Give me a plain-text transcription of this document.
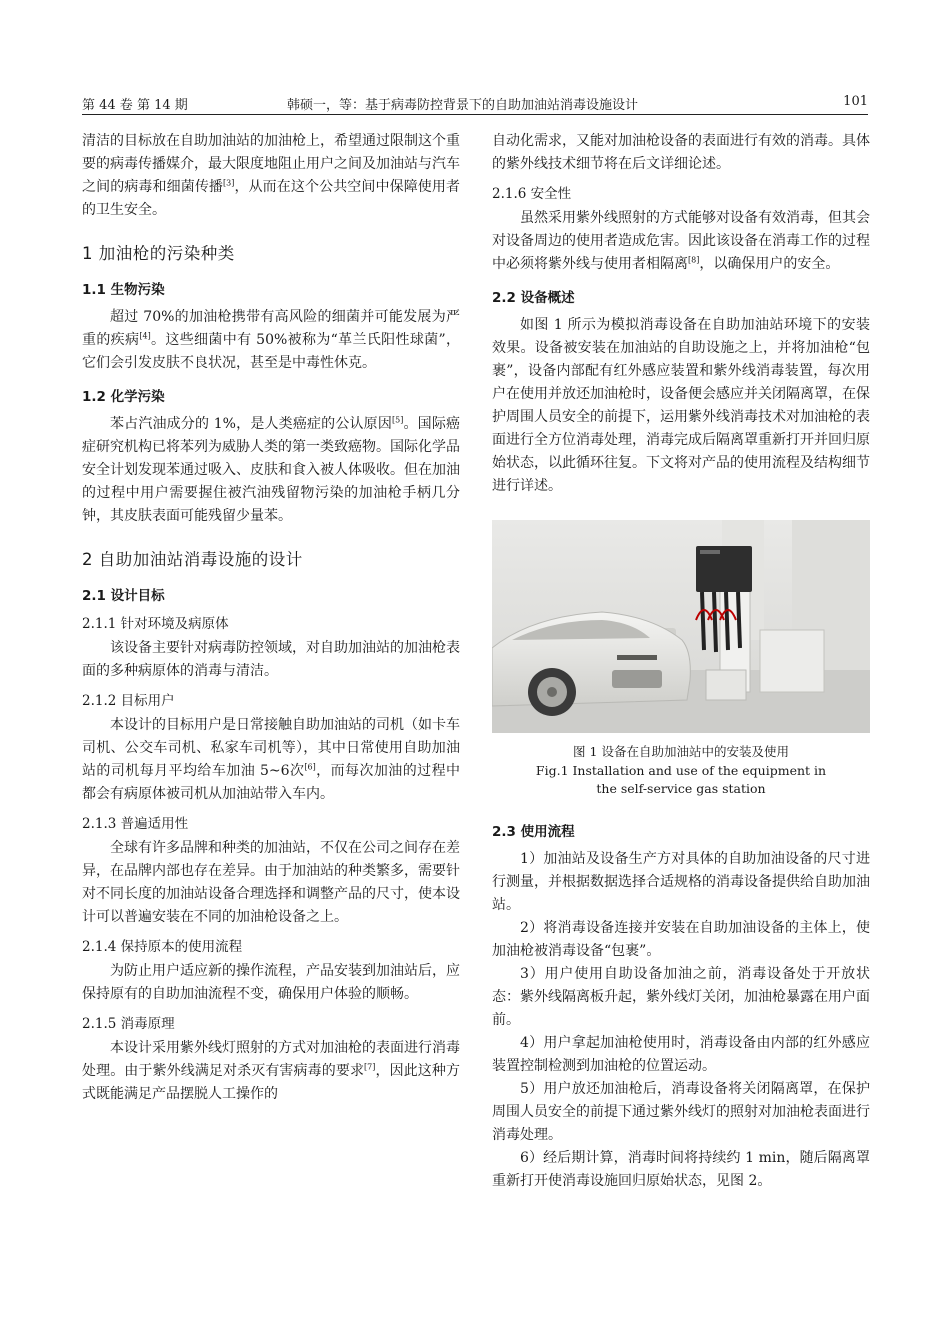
第 44 卷 第 14 期	韩硕一，等：基于病毒防控背景下的自助加油站消毒设施设计	101

清洁的目标放在自助加油站的加油枪上，希望通过限制这个重要的病毒传播媒介，最大限度地阻止用户之间及加油站与汽车之间的病毒和细菌传播[3]，从而在这个公共空间中保障使用者的卫生安全。

1 加油枪的污染种类
1.1 生物污染

超过 70%的加油枪携带有高风险的细菌并可能发展为严重的疾病[4]。这些细菌中有 50%被称为“革兰氏阳性球菌”，它们会引发皮肤不良状况，甚至是中毒性休克。

1.2 化学污染

苯占汽油成分的 1%，是人类癌症的公认原因[5]。国际癌症研究机构已将苯列为威胁人类的第一类致癌物。国际化学品安全计划发现苯通过吸入、皮肤和食入被人体吸收。但在加油的过程中用户需要握住被汽油残留物污染的加油枪手柄几分钟，其皮肤表面可能残留少量苯。

2 自助加油站消毒设施的设计
2.1 设计目标
2.1.1 针对环境及病原体

该设备主要针对病毒防控领域，对自助加油站的加油枪表面的多种病原体的消毒与清洁。

2.1.2 目标用户

本设计的目标用户是日常接触自助加油站的司机（如卡车司机、公交车司机、私家车司机等），其中日常使用自助加油站的司机每月平均给车加油 5~6次[6]，而每次加油的过程中都会有病原体被司机从加油站带入车内。

2.1.3 普遍适用性

全球有许多品牌和种类的加油站，不仅在公司之间存在差异，在品牌内部也存在差异。由于加油站的种类繁多，需要针对不同长度的加油站设备合理选择和调整产品的尺寸，使本设计可以普遍安装在不同的加油枪设备之上。

2.1.4 保持原本的使用流程

为防止用户适应新的操作流程，产品安装到加油站后，应保持原有的自助加油流程不变，确保用户体验的顺畅。

2.1.5 消毒原理

本设计采用紫外线灯照射的方式对加油枪的表面进行消毒处理。由于紫外线满足对杀灭有害病毒的要求[7]，因此这种方式既能满足产品摆脱人工操作的

自动化需求，又能对加油枪设备的表面进行有效的消毒。具体的紫外线技术细节将在后文详细论述。

2.1.6 安全性

虽然采用紫外线照射的方式能够对设备有效消毒，但其会对设备周边的使用者造成危害。因此该设备在消毒工作的过程中必须将紫外线与使用者相隔离[8]，以确保用户的安全。

2.2 设备概述

如图 1 所示为模拟消毒设备在自助加油站环境下的安装效果。设备被安装在加油站的自助设施之上，并将加油枪“包裹”，设备内部配有红外感应装置和紫外线消毒装置，每次用户在使用并放还加油枪时，设备便会感应并关闭隔离罩，在保护周围人员安全的前提下，运用紫外线消毒技术对加油枪的表面进行全方位消毒处理，消毒完成后隔离罩重新打开并回归原始状态，以此循环往复。下文将对产品的使用流程及结构细节进行详述。

图 1 设备在自助加油站中的安装及使用
Fig.1 Installation and use of the equipment in
the self-service gas station
2.3 使用流程

1）加油站及设备生产方对具体的自助加油设备的尺寸进行测量，并根据数据选择合适规格的消毒设备提供给自助加油站。

2）将消毒设备连接并安装在自助加油设备的主体上，使加油枪被消毒设备“包裹”。

3）用户使用自助设备加油之前，消毒设备处于开放状态：紫外线隔离板升起，紫外线灯关闭，加油枪暴露在用户面前。

4）用户拿起加油枪使用时，消毒设备由内部的红外感应装置控制检测到加油枪的位置运动。

5）用户放还加油枪后，消毒设备将关闭隔离罩，在保护周围人员安全的前提下通过紫外线灯的照射对加油枪表面进行消毒处理。

6）经后期计算，消毒时间将持续约 1 min，随后隔离罩重新打开使消毒设施回归原始状态，见图 2。
